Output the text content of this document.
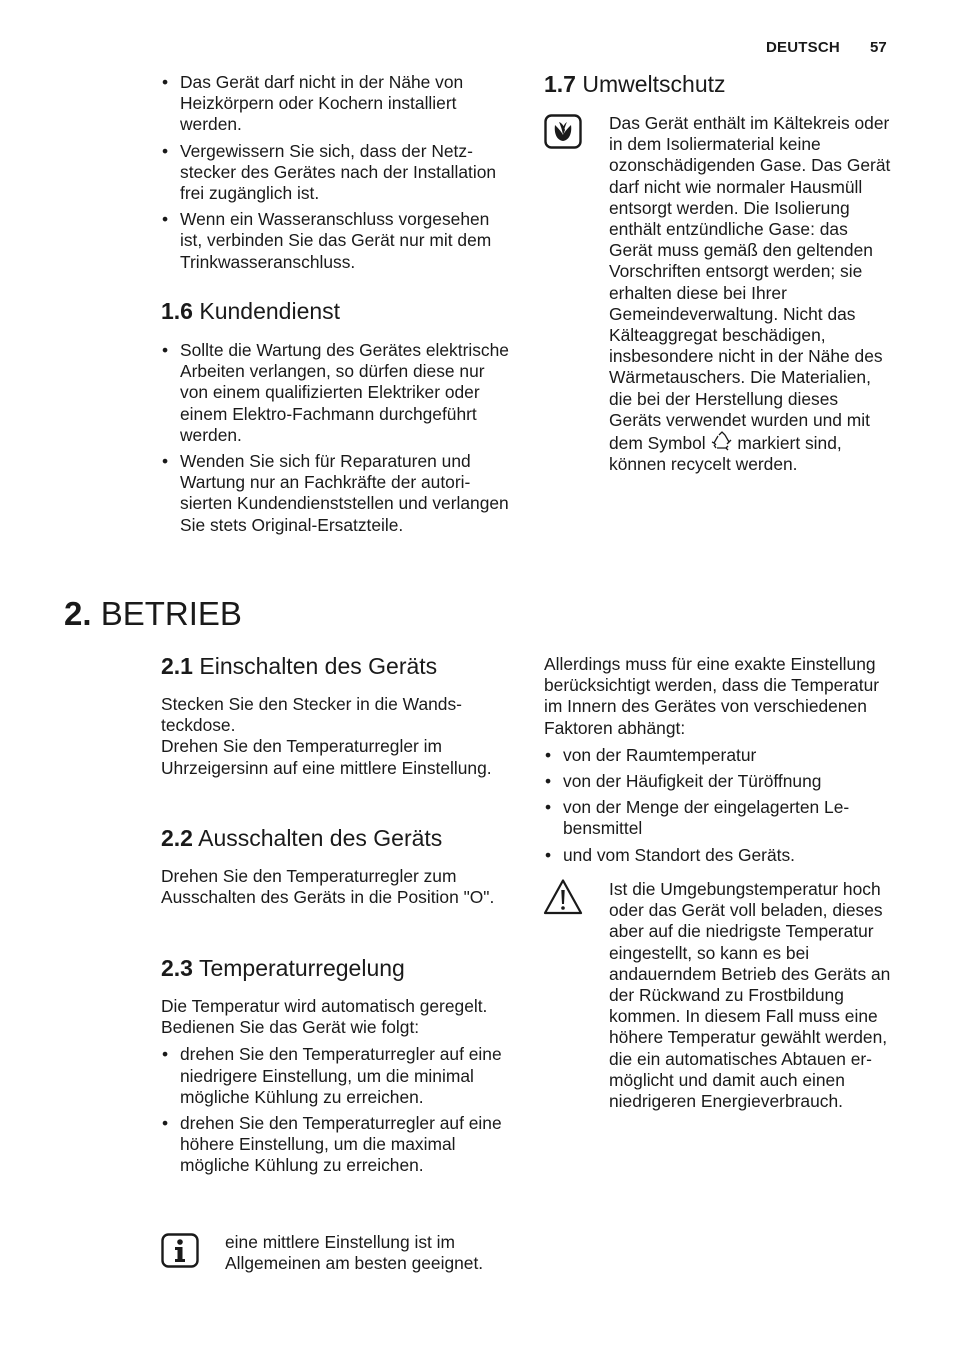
DEUTSCH 57
• Das Gerät darf nicht in der Nähe von Heizkörpern oder Kochern installiert werden.
• Vergewissern Sie sich, dass der Netzstecker des Gerätes nach der Installation frei zugänglich ist.
• Wenn ein Wasseranschluss vorgesehen ist, verbinden Sie das Gerät nur mit dem Trinkwasseranschluss.
1.6 Kundendienst
• Sollte die Wartung des Gerätes elektrische Arbeiten verlangen, so dürfen diese nur von einem qualifizierten Elektriker oder einem Elektro-Fachmann durchgeführt werden.
• Wenden Sie sich für Reparaturen und Wartung nur an Fachkräfte der autorisierten Kundendienststellen und verlangen Sie stets Original-Ersatzteile.
1.7 Umweltschutz
Das Gerät enthält im Kältekreis oder in dem Isoliermaterial keine ozonschädigenden Gase. Das Gerät darf nicht wie normaler Hausmüll entsorgt werden. Die Isolierung enthält entzündliche Gase: das Gerät muss gemäß den geltenden Vorschriften entsorgt werden; sie erhalten diese bei Ihrer Gemeindeverwaltung. Nicht das Kälteaggregat beschädigen, insbesondere nicht in der Nähe des Wärmetauschers. Die Materialien, die bei der Herstellung dieses Geräts verwendet wurden und mit dem Symbol markiert sind, können recycelt werden.
2. BETRIEB
2.1 Einschalten des Geräts

Stecken Sie den Stecker in die Wandsteckdose.

Drehen Sie den Temperaturregler im Uhrzeigersinn auf eine mittlere Einstellung.

2.2 Ausschalten des Geräts

Drehen Sie den Temperaturregler zum Ausschalten des Geräts in die Position "O".

2.3 Temperaturregelung

Die Temperatur wird automatisch geregelt.

Bedienen Sie das Gerät wie folgt:

• drehen Sie den Temperaturregler auf eine niedrigere Einstellung, um die minimal mögliche Kühlung zu erreichen.
• drehen Sie den Temperaturregler auf eine höhere Einstellung, um die maximal mögliche Kühlung zu erreichen.

eine mittlere Einstellung ist im Allgemeinen am besten geeignet.

Allerdings muss für eine exakte Einstellung berücksichtigt werden, dass die Temperatur im Innern des Gerätes von verschiedenen Faktoren abhängt:

• von der Raumtemperatur
• von der Häufigkeit der Türöffnung
• von der Menge der eingelagerten Lebensmittel
• und vom Standort des Geräts.

Ist die Umgebungstemperatur hoch oder das Gerät voll beladen, dieses aber auf die niedrigste Temperatur eingestellt, so kann es bei andauerndem Betrieb des Geräts an der Rückwand zu Frostbildung kommen. In diesem Fall muss eine höhere Temperatur gewählt werden, die ein automatisches Abtauen ermöglicht und damit auch einen niedrigeren Energieverbrauch.
